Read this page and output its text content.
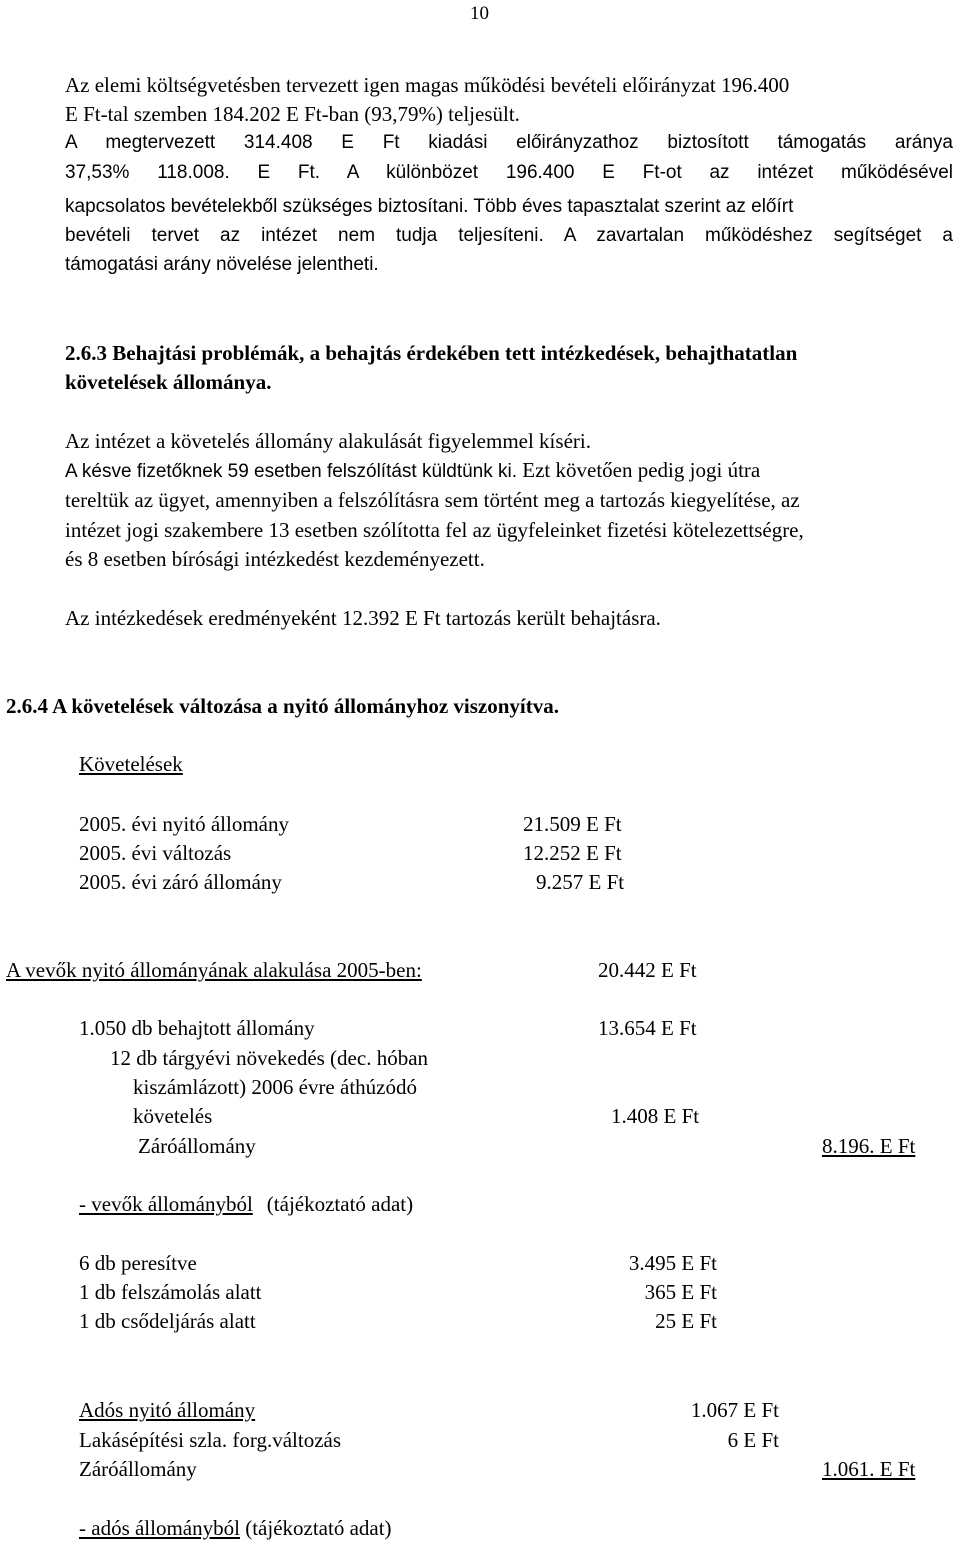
10
Az elemi költségvetésben tervezett igen magas működési bevételi előirányzat 196.400
E Ft-tal szemben 184.202 E Ft-ban (93,79%) teljesült.
A megtervezett 314.408 E Ft kiadási előirányzathoz biztosított támogatás aránya
37,53% 118.008. E Ft. A különbözet 196.400 E Ft-ot az intézet működésével
kapcsolatos bevételekből szükséges biztosítani. Több éves tapasztalat szerint az előírt
bevételi tervet az intézet nem tudja teljesíteni. A zavartalan működéshez segítséget a
támogatási arány növelése jelentheti.
2.6.3 Behajtási problémák, a behajtás érdekében tett intézkedések, behajthatatlan
követelések állománya.
Az intézet a követelés állomány alakulását figyelemmel kíséri.
A késve fizetőknek 59 esetben felszólítást küldtünk ki. Ezt követően pedig jogi útra
tereltük az ügyet, amennyiben a felszólításra sem történt meg a tartozás kiegyelítése, az
intézet jogi szakembere 13 esetben szólította fel az ügyfeleinket fizetési kötelezettségre,
és 8 esetben bírósági intézkedést kezdeményezett.
Az intézkedések eredményeként 12.392 E Ft tartozás került behajtásra.
2.6.4 A követelések változása a nyitó állományhoz viszonyítva.
Követelések
2005. évi nyitó állomány	21.509 E Ft
2005. évi változás	12.252 E Ft
2005. évi záró állomány	9.257 E Ft
A vevők nyitó állományának alakulása 2005-ben:	20.442 E Ft
1.050 db behajtott állomány	13.654 E Ft
12 db tárgyévi növekedés (dec. hóban
kiszámlázott) 2006 évre áthúzódó
követelés	1.408 E Ft
Záróállomány	8.196. E Ft
- vevők állományból (tájékoztató adat)
6 db peresítve	3.495 E Ft
1 db felszámolás alatt	365 E Ft
1 db csődeljárás alatt	25 E Ft
Adós nyitó állomány	1.067 E Ft
Lakásépítési szla. forg.változás	6 E Ft
Záróállomány	1.061. E Ft
- adós állományból (tájékoztató adat)
